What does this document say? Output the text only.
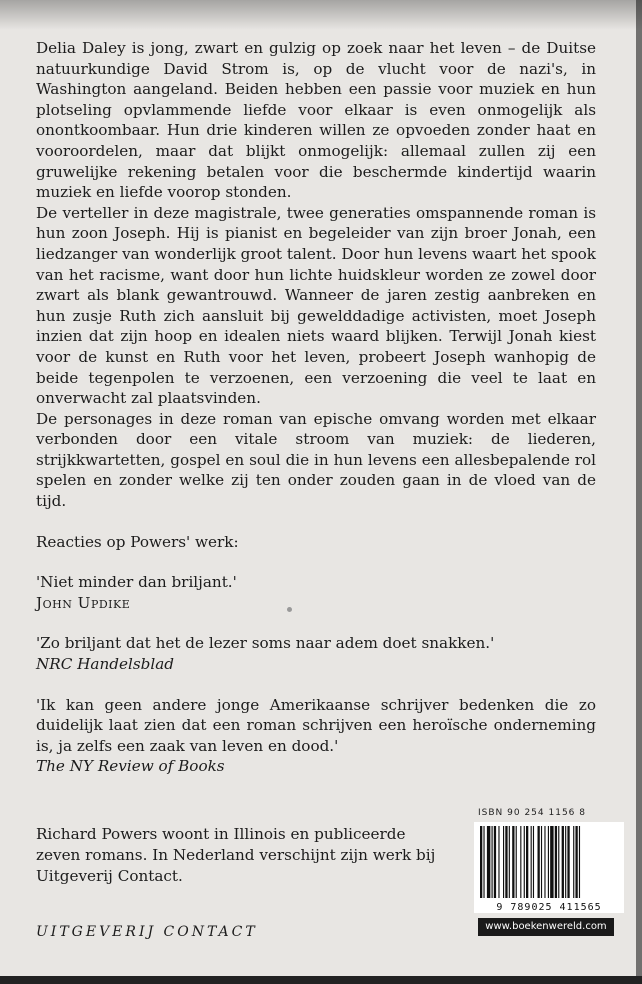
Delia Daley is jong, zwart en gulzig op zoek naar het leven – de Duitse natuurkundige David Strom is, op de vlucht voor de nazi's, in Washington aangeland. Beiden hebben een passie voor muziek en hun plotseling opvlammende liefde voor elkaar is even onmogelijk als onontkoombaar. Hun drie kinderen willen ze opvoeden zonder haat en vooroordelen, maar dat blijkt onmogelijk: allemaal zullen zij een gruwelijke rekening betalen voor die beschermde kindertijd waarin muziek en liefde voorop stonden.

De verteller in deze magistrale, twee generaties omspannende roman is hun zoon Joseph. Hij is pianist en begeleider van zijn broer Jonah, een liedzanger van wonderlijk groot talent. Door hun levens waart het spook van het racisme, want door hun lichte huidskleur worden ze zowel door zwart als blank gewantrouwd. Wanneer de jaren zestig aanbreken en hun zusje Ruth zich aansluit bij gewelddadige activisten, moet Joseph inzien dat zijn hoop en idealen niets waard blijken. Terwijl Jonah kiest voor de kunst en Ruth voor het leven, probeert Joseph wanhopig de beide tegenpolen te verzoenen, een verzoening die veel te laat en onverwacht zal plaatsvinden.

De personages in deze roman van epische omvang worden met elkaar verbonden door een vitale stroom van muziek: de liederen, strijkkwartetten, gospel en soul die in hun levens een allesbepalende rol spelen en zonder welke zij ten onder zouden gaan in de vloed van de tijd.

Reacties op Powers' werk:

'Niet minder dan briljant.'

John Updike

'Zo briljant dat het de lezer soms naar adem doet snakken.'

NRC Handelsblad

'Ik kan geen andere jonge Amerikaanse schrijver bedenken die zo duidelijk laat zien dat een roman schrijven een heroïsche onderneming is, ja zelfs een zaak van leven en dood.'

The NY Review of Books

Richard Powers woont in Illinois en publiceerde zeven romans. In Nederland verschijnt zijn werk bij Uitgeverij Contact.
UITGEVERIJ CONTACT
ISBN 90 254 1156 8
9 789025 411565
www.boekenwereld.com
